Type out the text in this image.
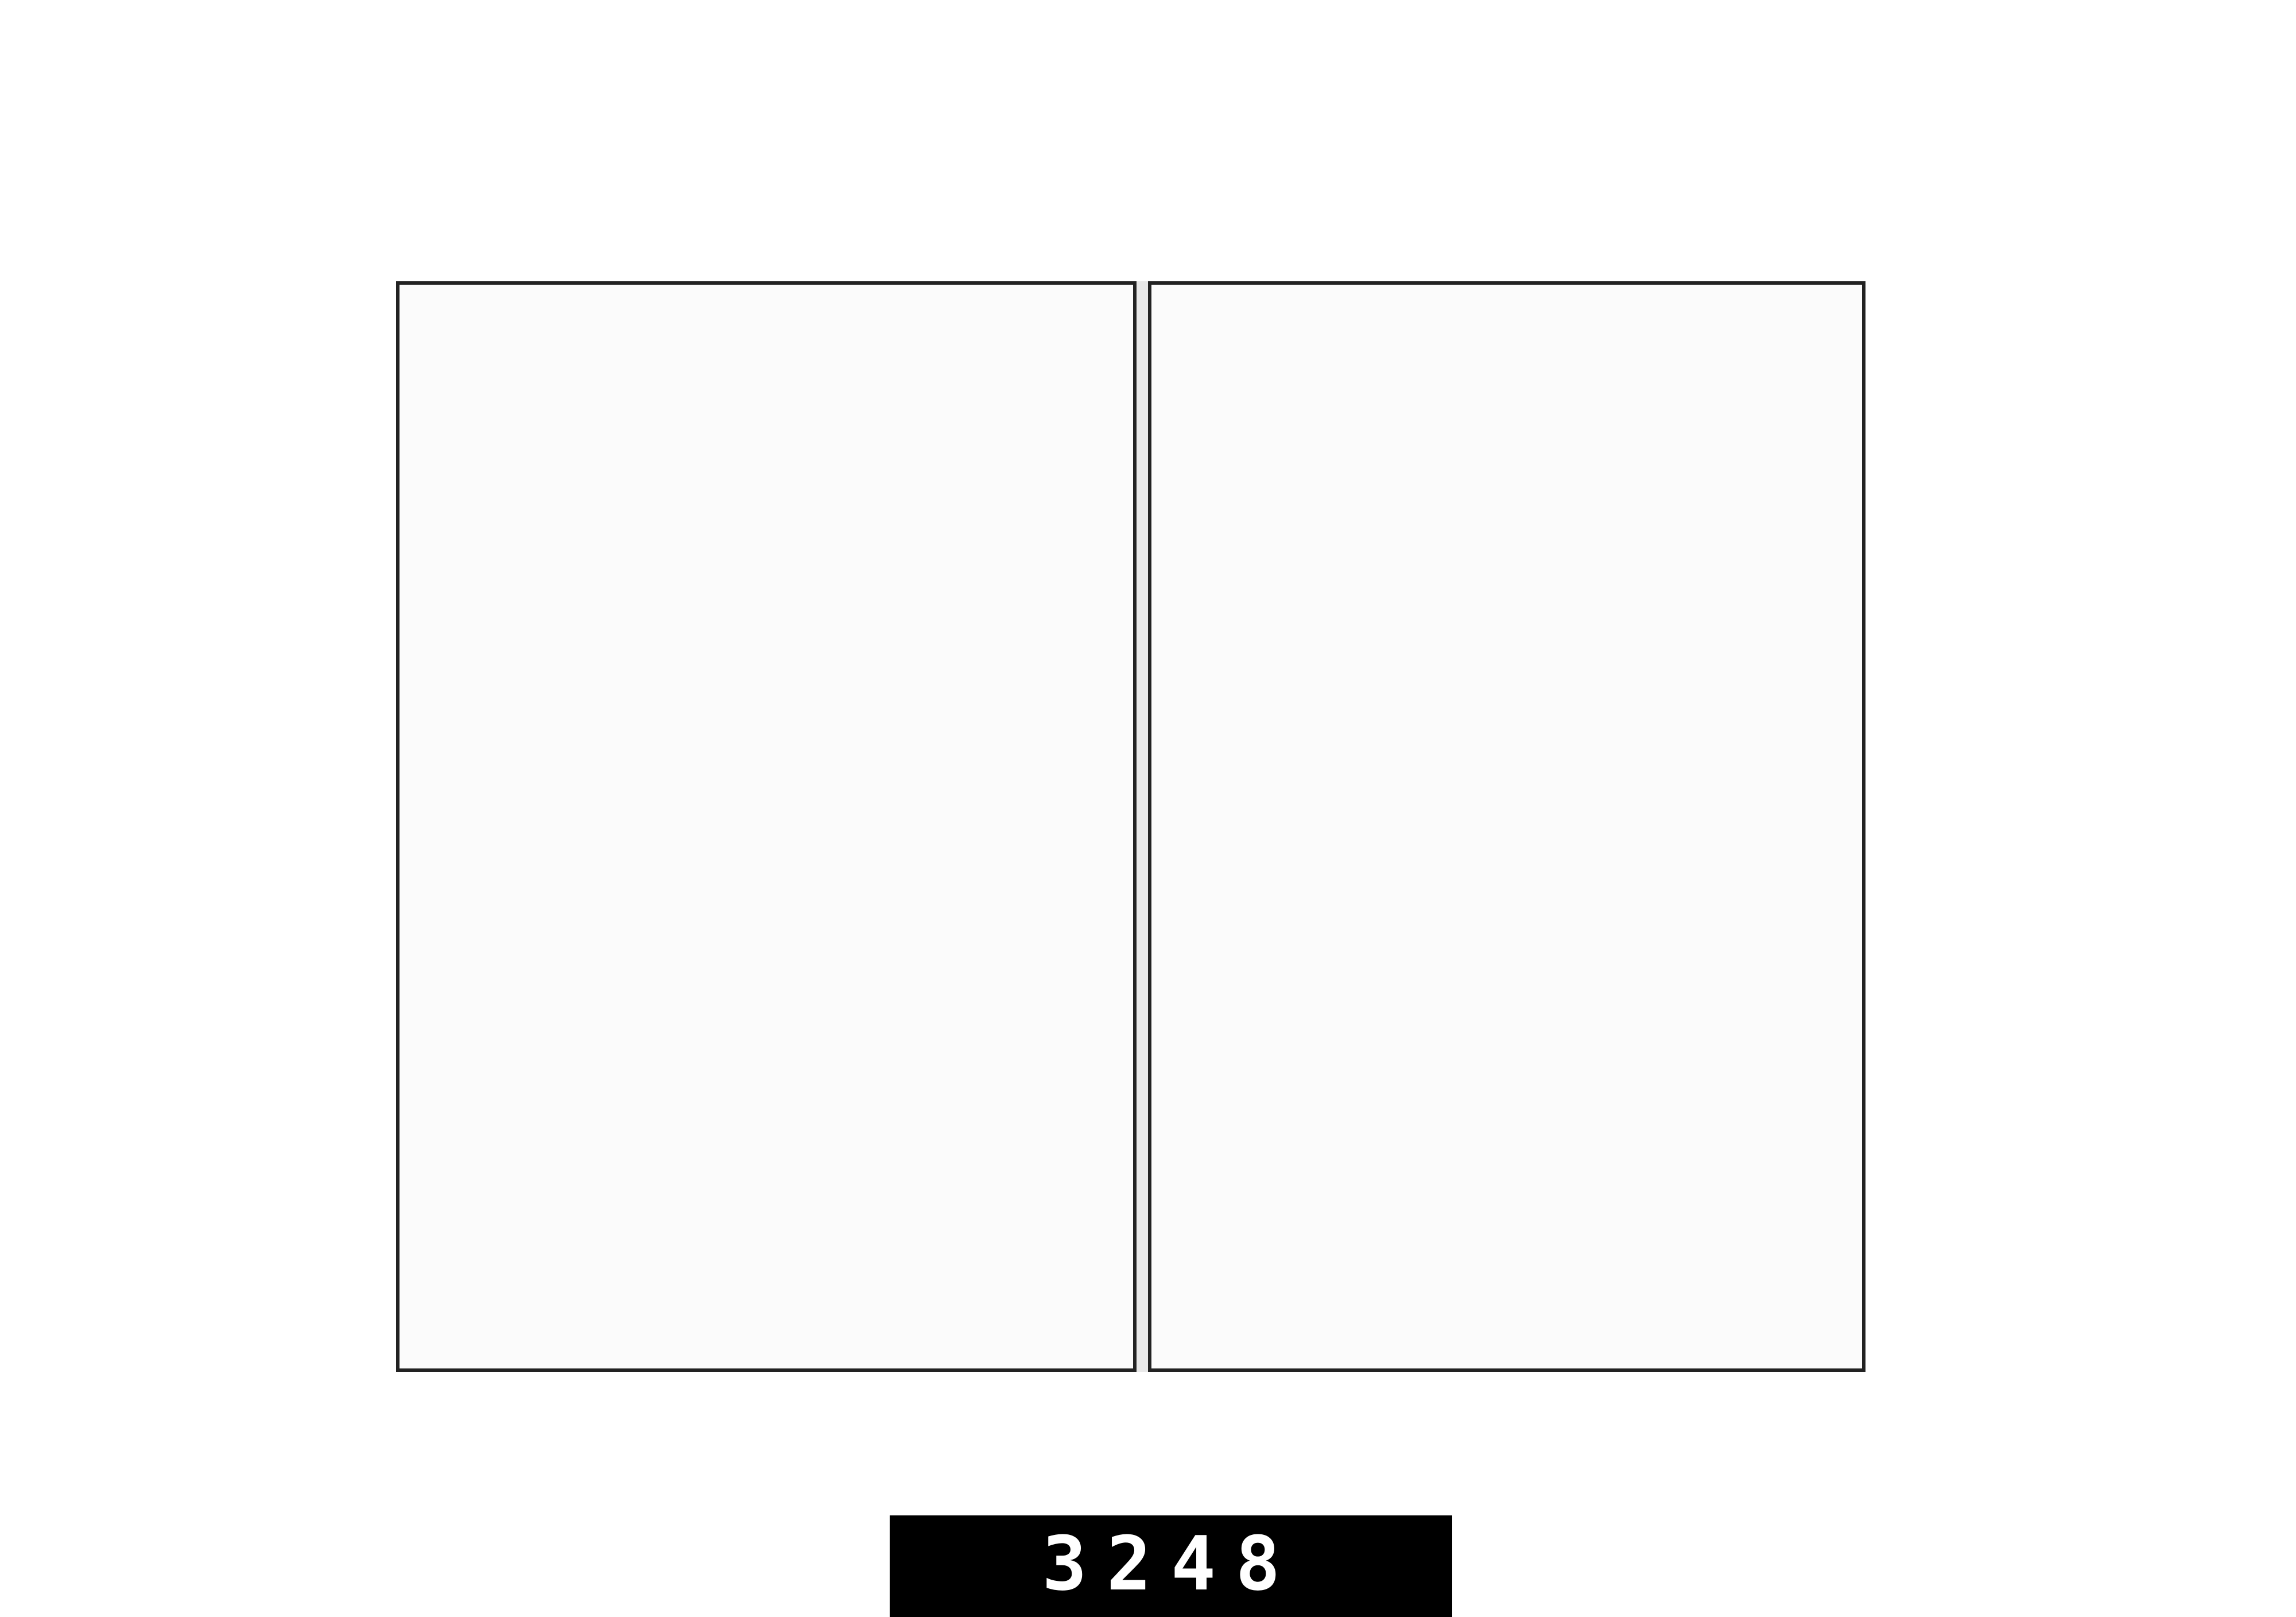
3248
